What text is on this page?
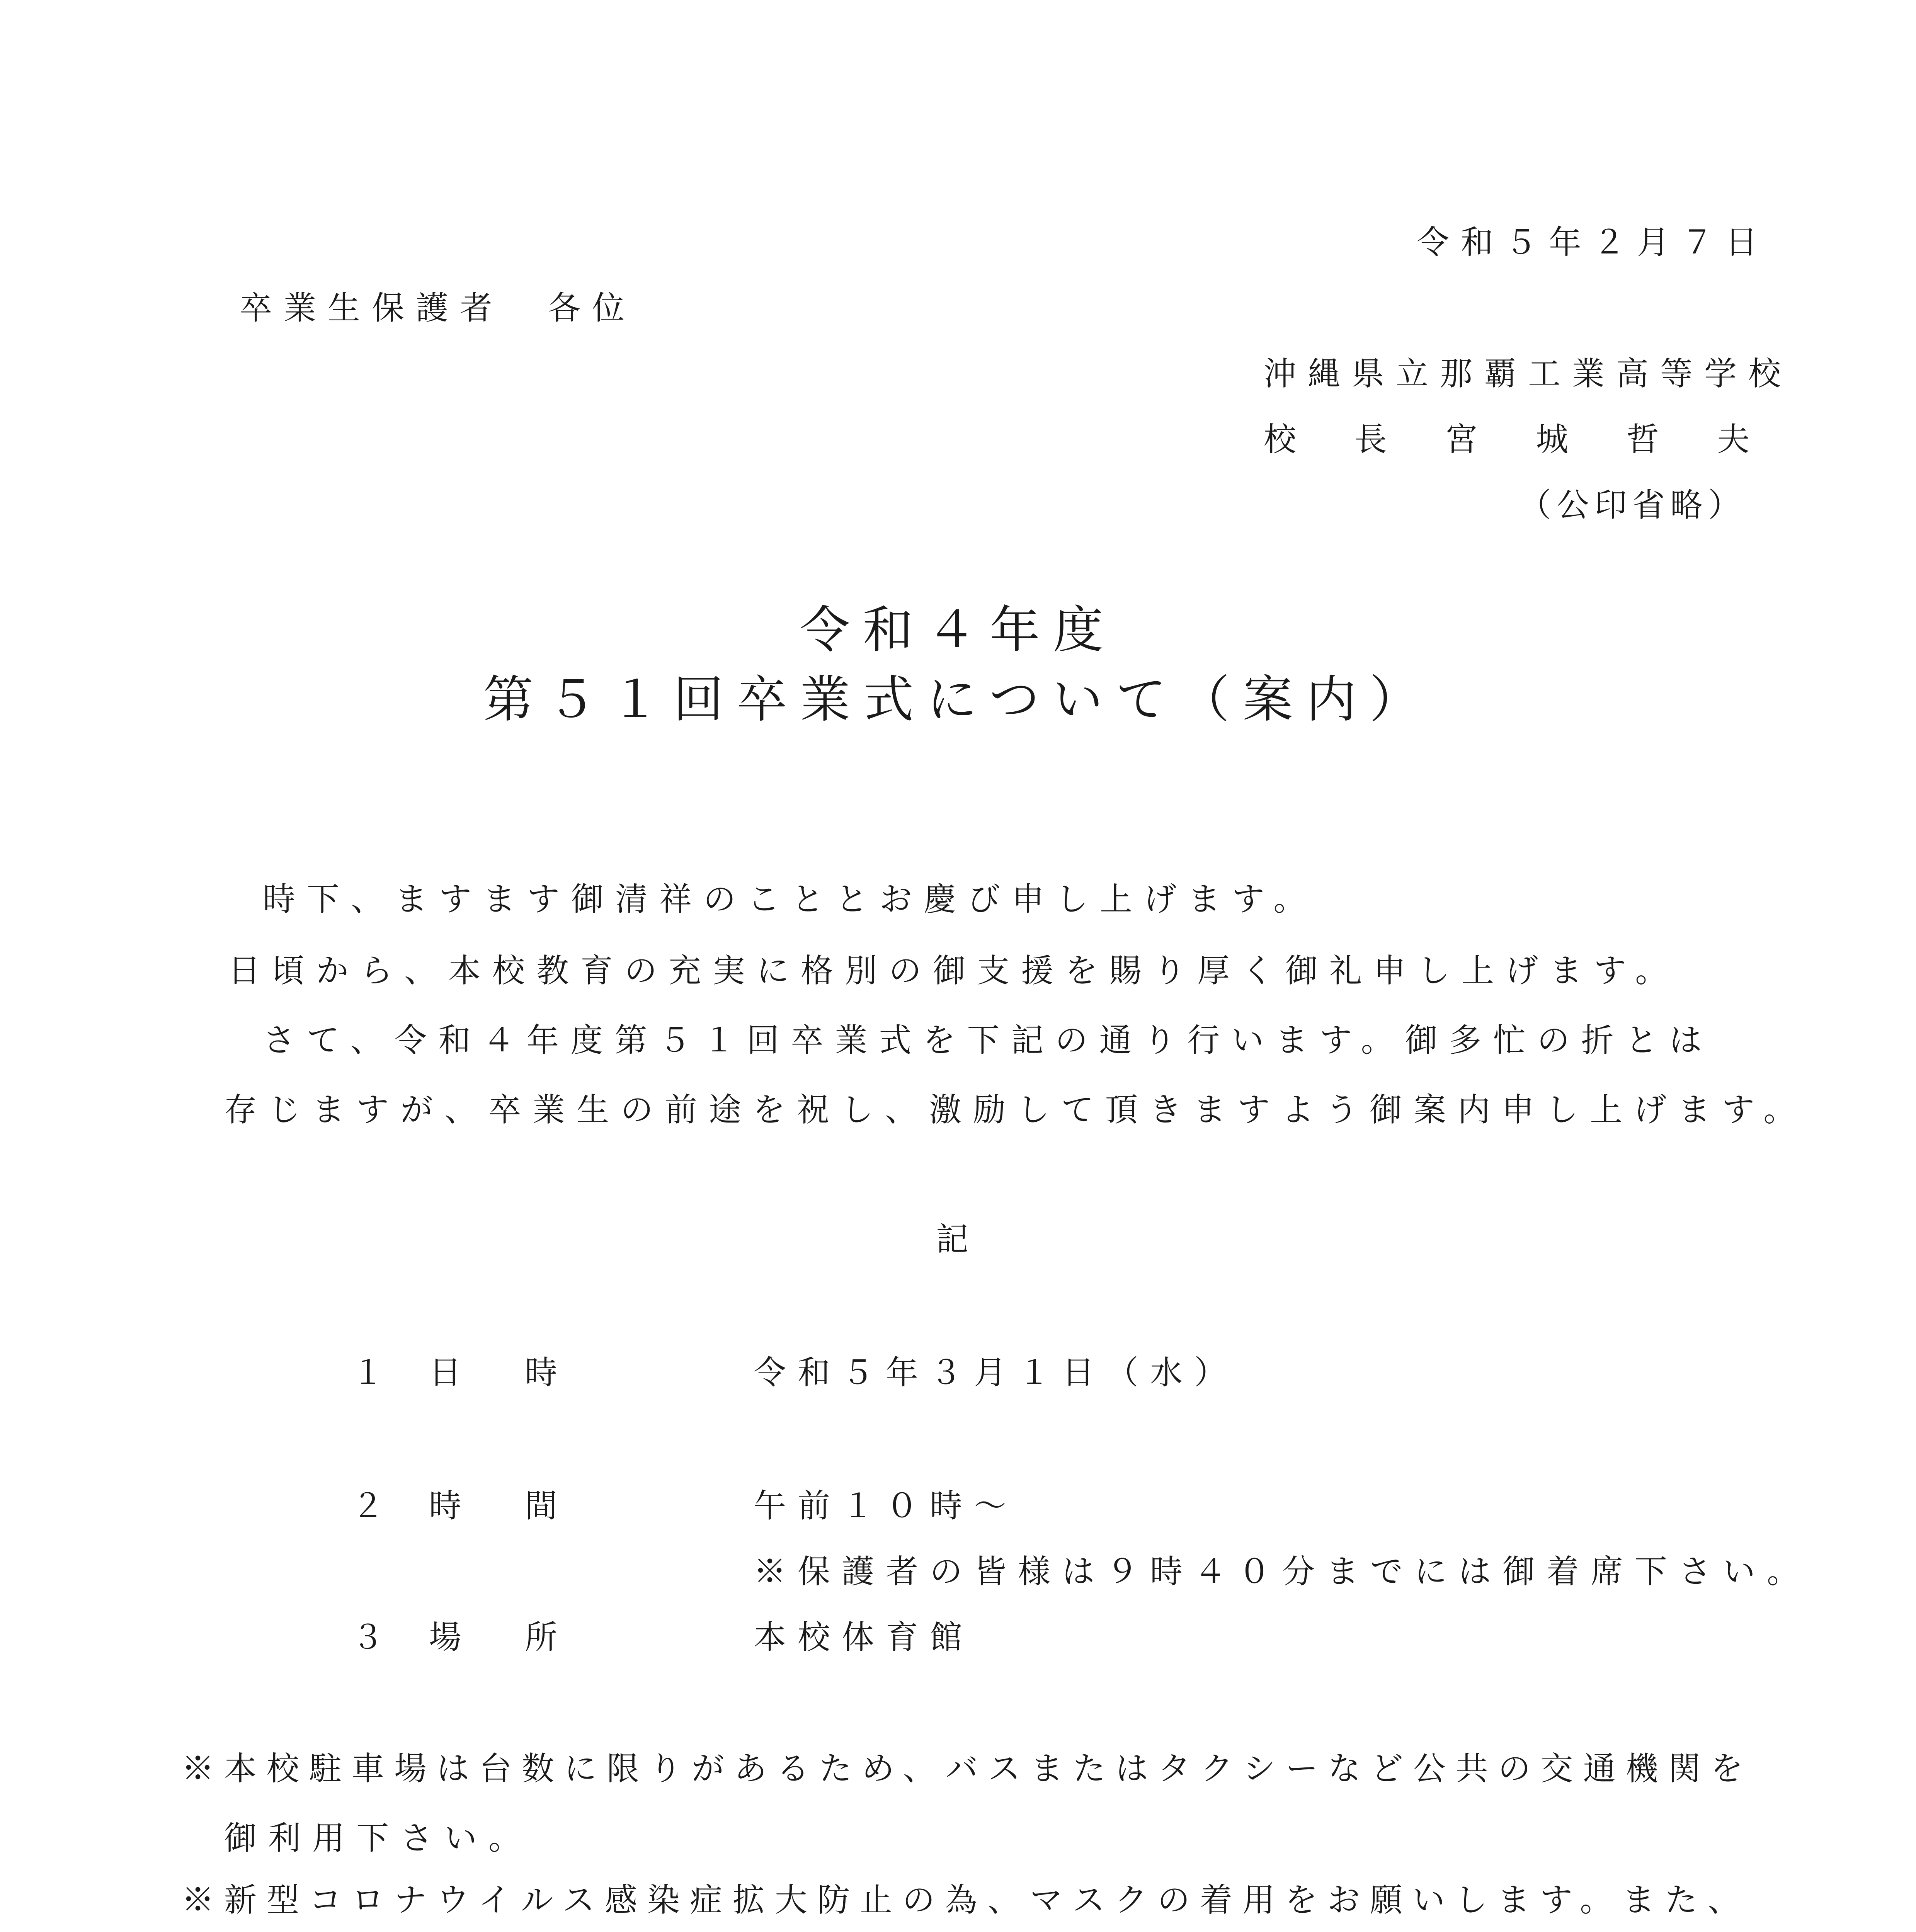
令和５年２月７日
卒業生保護者　各位
沖縄県立那覇工業高等学校
校 長 宮 城 哲 夫
（公印省略）
令和４年度
第５１回卒業式について（案内）
時下、ますます御清祥のこととお慶び申し上げます。
日頃から、本校教育の充実に格別の御支援を賜り厚く御礼申し上げます。
さて、令和４年度第５１回卒業式を下記の通り行います。御多忙の折とは
存じますが、卒業生の前途を祝し、激励して頂きますよう御案内申し上げます。
記
１ 日　時	令和５年３月１日（水）
２ 時　間	午前１０時～
※保護者の皆様は９時４０分までには御着席下さい。
３ 場　所	本校体育館
※本校駐車場は台数に限りがあるため、バスまたはタクシーなど公共の交通機関を
御利用下さい。
※新型コロナウイルス感染症拡大防止の為、マスクの着用をお願いします。また、
